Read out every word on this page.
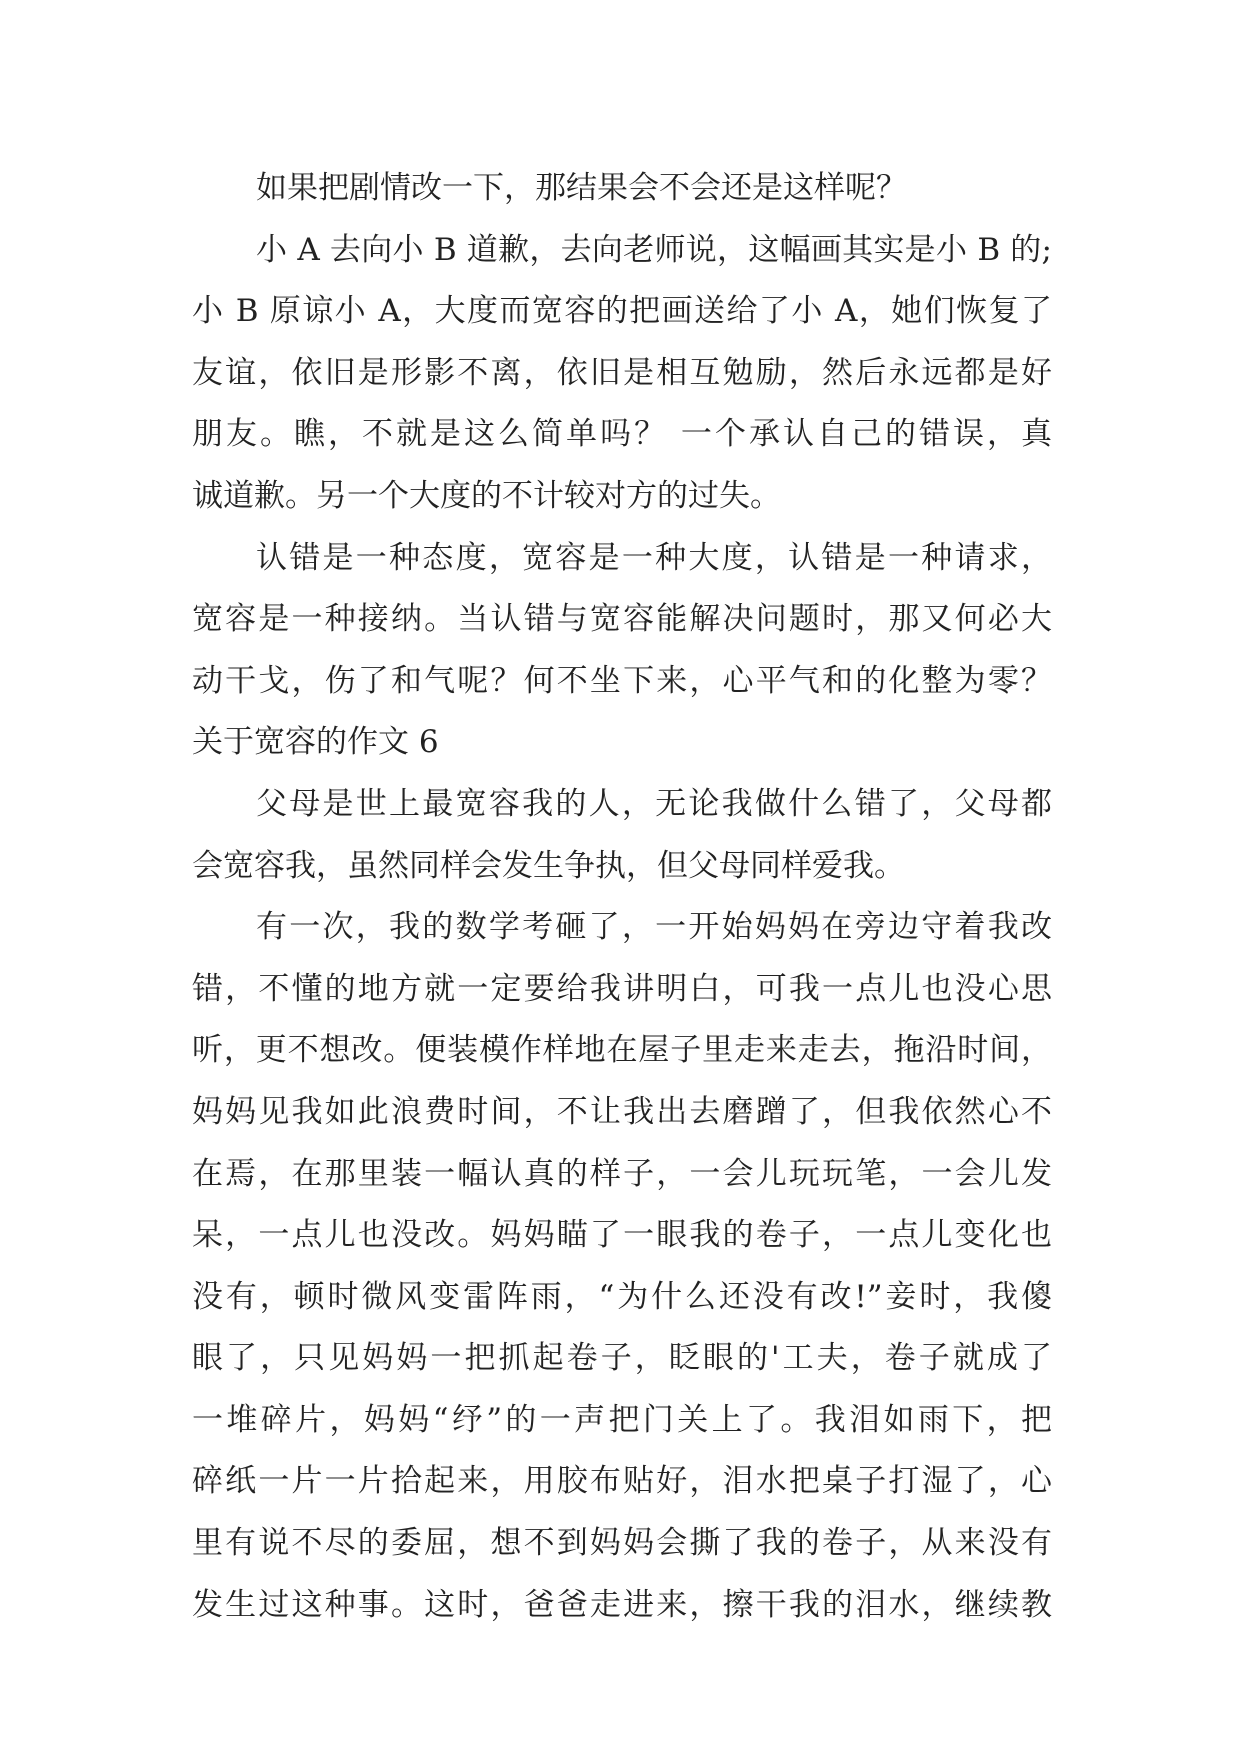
如果把剧情改一下，那结果会不会还是这样呢？
小 A 去向小 B 道歉，去向老师说，这幅画其实是小 B 的;
小 B 原谅小 A，大度而宽容的把画送给了小 A，她们恢复了
友谊，依旧是形影不离，依旧是相互勉励，然后永远都是好
朋友。瞧，不就是这么简单吗？ 一个承认自己的错误，真
诚道歉。另一个大度的不计较对方的过失。
认错是一种态度，宽容是一种大度，认错是一种请求，
宽容是一种接纳。当认错与宽容能解决问题时，那又何必大
动干戈，伤了和气呢？何不坐下来，心平气和的化整为零？
关于宽容的作文 6
父母是世上最宽容我的人，无论我做什么错了，父母都
会宽容我，虽然同样会发生争执，但父母同样爱我。
有一次，我的数学考砸了，一开始妈妈在旁边守着我改
错，不懂的地方就一定要给我讲明白，可我一点儿也没心思
听，更不想改。便装模作样地在屋子里走来走去，拖沿时间，
妈妈见我如此浪费时间，不让我出去磨蹭了，但我依然心不
在焉，在那里装一幅认真的样子，一会儿玩玩笔，一会儿发
呆，一点儿也没改。妈妈瞄了一眼我的卷子，一点儿变化也
没有，顿时微风变雷阵雨，“为什么还没有改!”妾时，我傻
眼了，只见妈妈一把抓起卷子，眨眼的'工夫，卷子就成了
一堆碎片，妈妈“纾”的一声把门关上了。我泪如雨下，把
碎纸一片一片拾起来，用胶布贴好，泪水把桌子打湿了，心
里有说不尽的委屈，想不到妈妈会撕了我的卷子，从来没有
发生过这种事。这时，爸爸走进来，擦干我的泪水，继续教
